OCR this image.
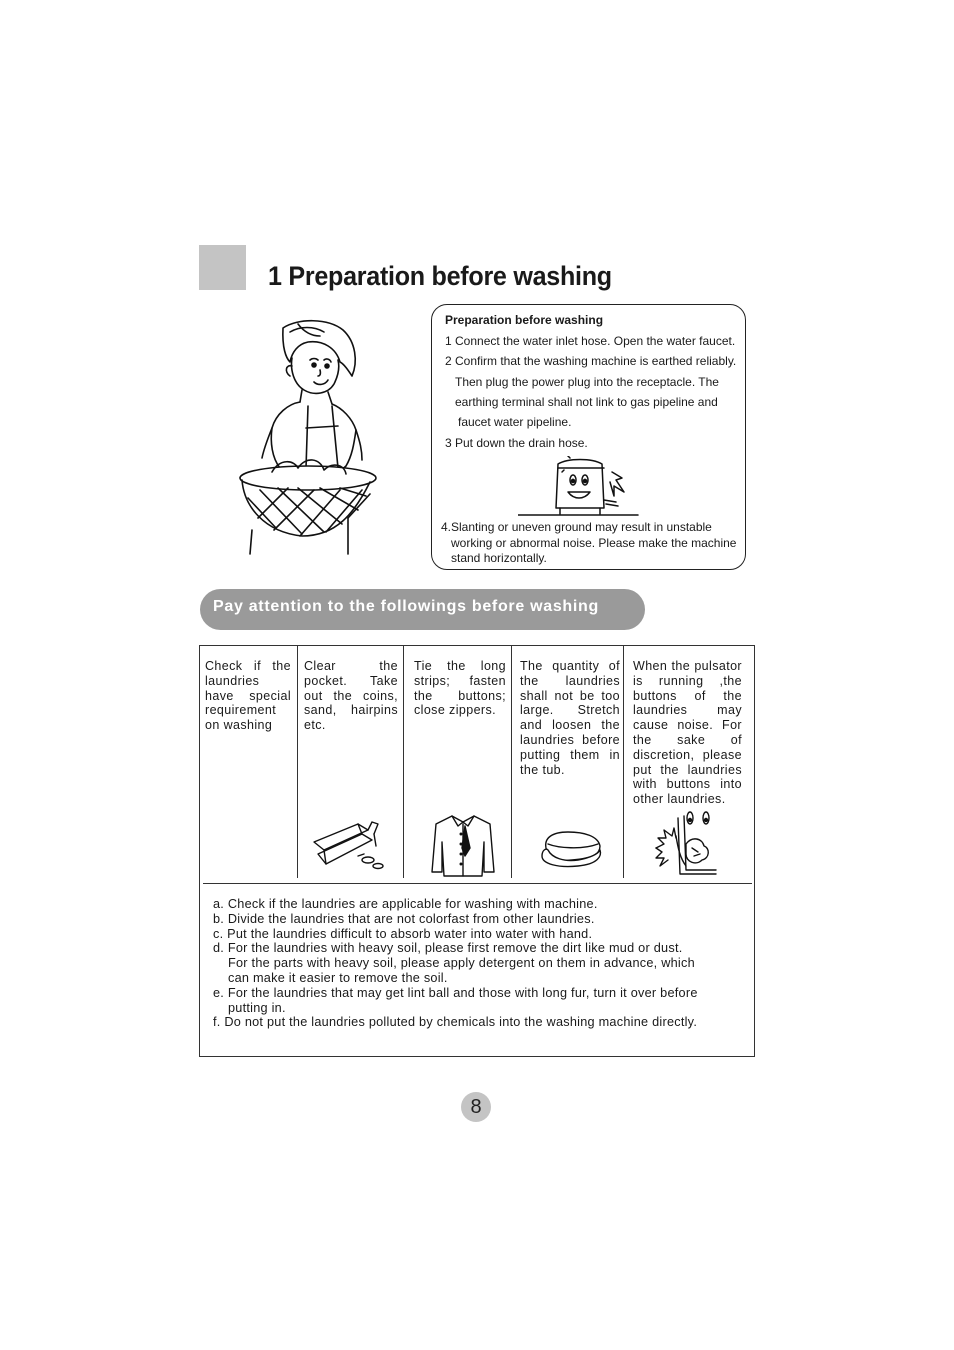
1 Preparation before washing
Preparation before washing
1 Connect the water inlet hose. Open the water faucet.
2 Confirm that the washing machine is earthed reliably.
Then plug the power plug into the receptacle. The
earthing terminal shall not link to gas pipeline and
faucet water pipeline.
3 Put down the drain hose.
4.Slanting or uneven ground may result in unstable
working or abnormal noise. Please make the machine
stand horizontally.
Pay attention to the followings before washing
Check if the laundries have special requirement on washing
Clear the pocket. Take out the coins, sand, hairpins etc.
Tie the long strips; fasten the buttons; close zippers.
The quantity of the laundries shall not be too large. Stretch and loosen the laundries before putting them in the tub.
When the pulsator is running ,the buttons of the laundries may cause noise. For the sake of discretion, please put the laundries with buttons into other laundries.
a. Check if the laundries are applicable for washing with machine.
b. Divide the laundries that are not colorfast from other laundries.
c. Put the laundries difficult to absorb water into water with hand.
d. For the laundries with heavy soil, please first remove the dirt like mud or dust.
For the parts with heavy soil, please apply detergent on them in advance, which
can make it easier to remove the soil.
e. For the laundries that may get lint ball and those with long fur, turn it over before
putting in.
f. Do not put the laundries polluted by chemicals into the washing machine directly.
8
